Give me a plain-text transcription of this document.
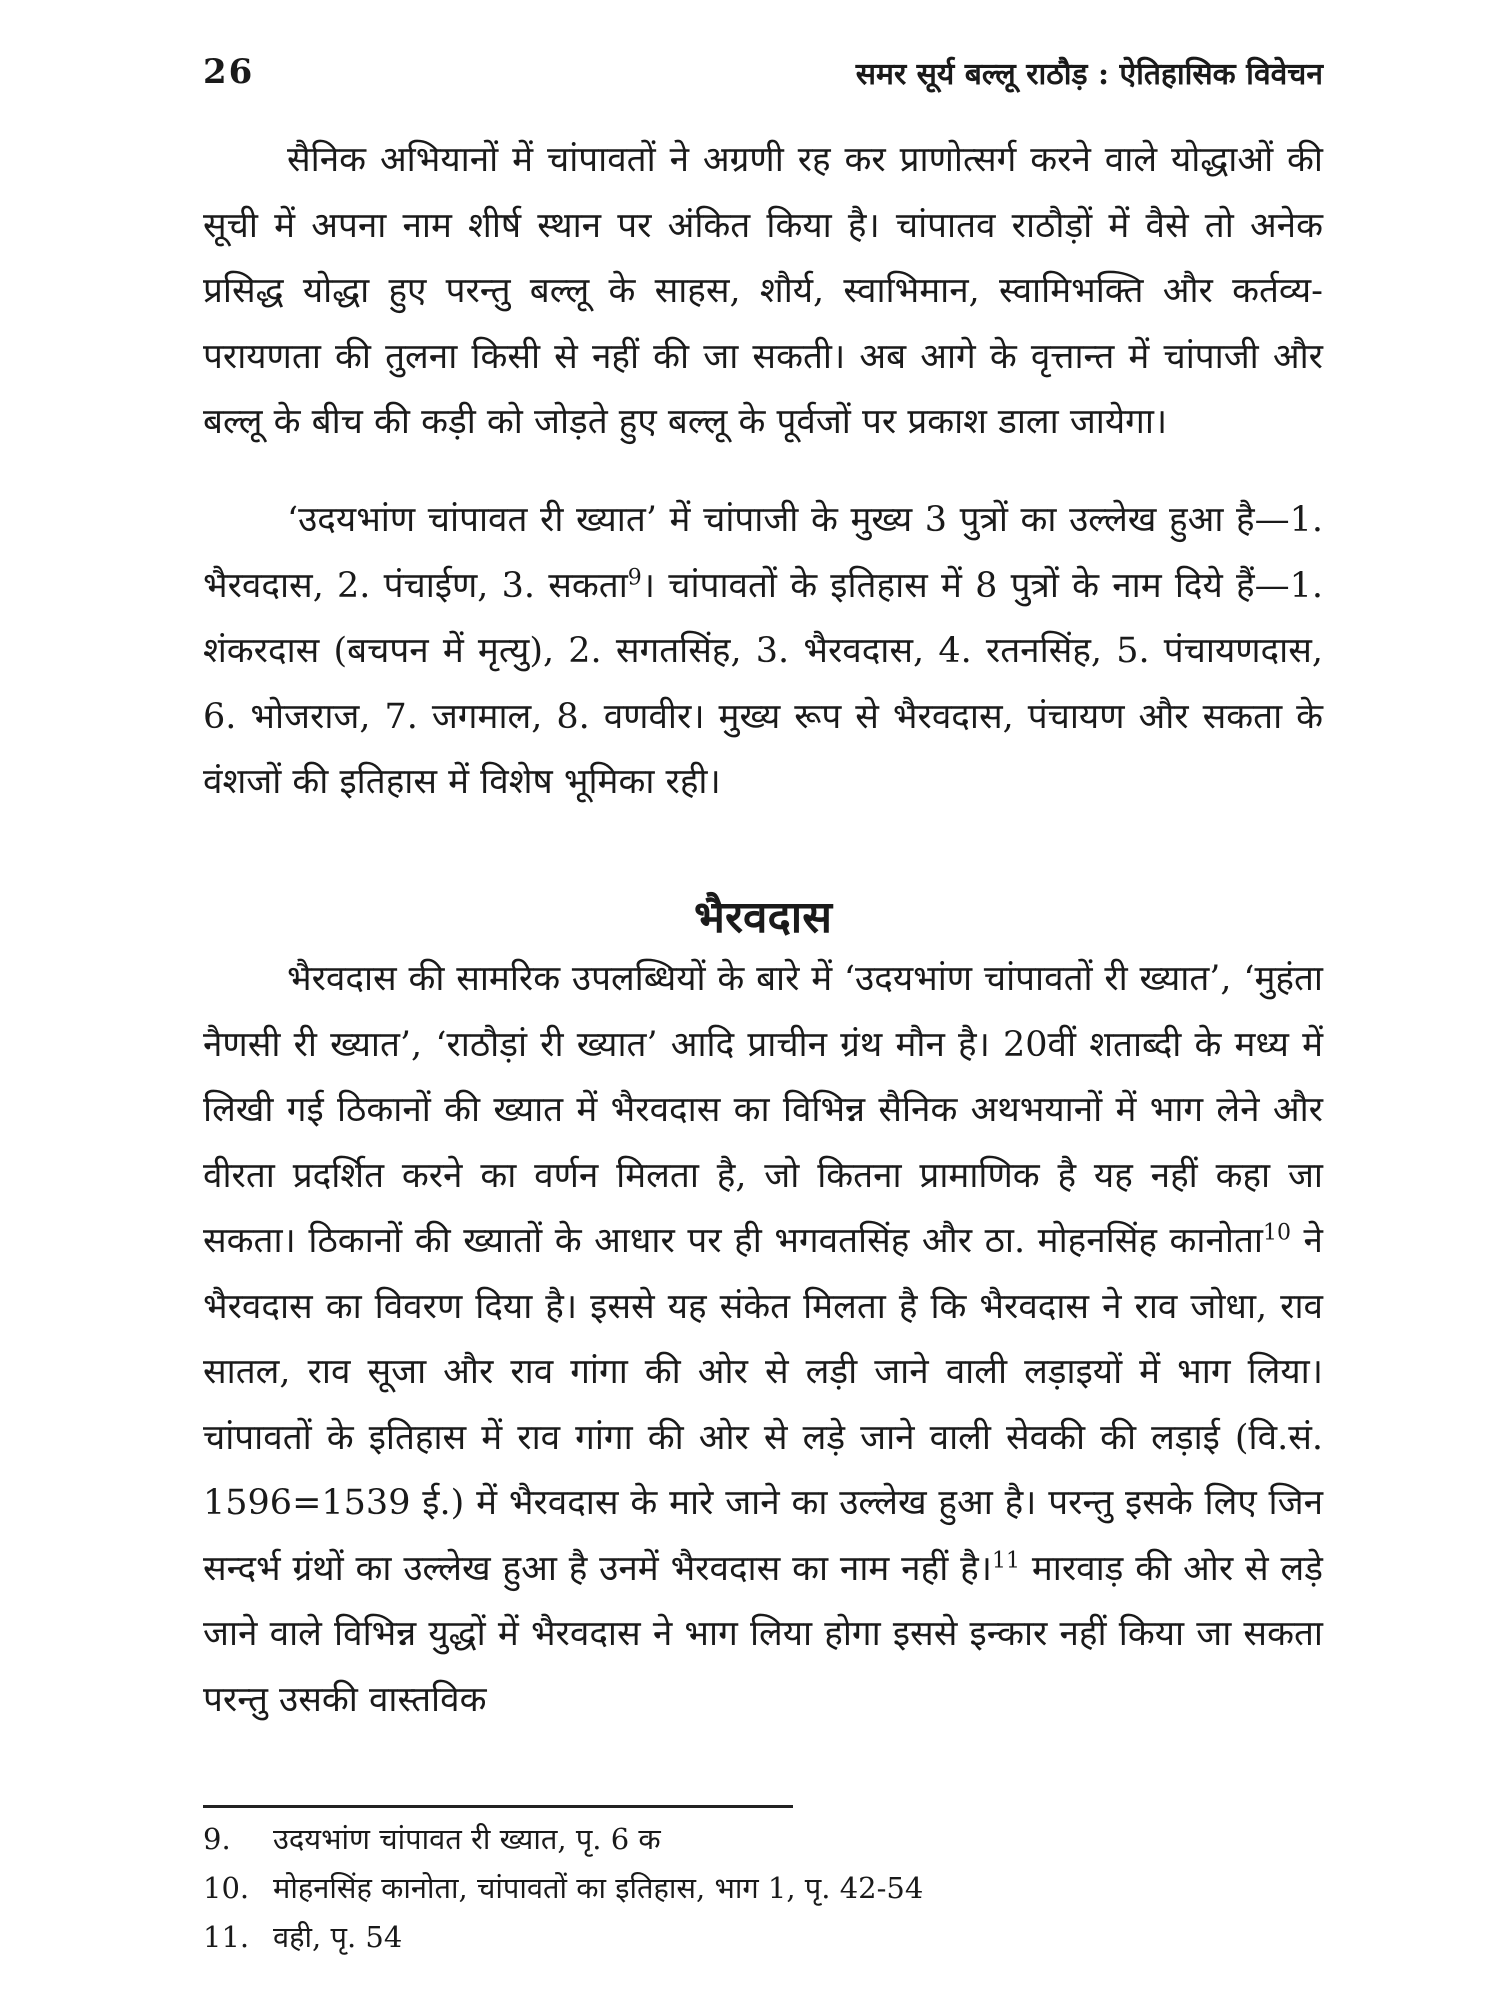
26	समर सूर्य बल्लू राठौड़ : ऐतिहासिक विवेचन

सैनिक अभियानों में चांपावतों ने अग्रणी रह कर प्राणोत्सर्ग करने वाले योद्धाओं की सूची में अपना नाम शीर्ष स्थान पर अंकित किया है। चांपातव राठौड़ों में वैसे तो अनेक प्रसिद्ध योद्धा हुए परन्तु बल्लू के साहस, शौर्य, स्वाभिमान, स्वामिभक्ति और कर्तव्य-परायणता की तुलना किसी से नहीं की जा सकती। अब आगे के वृत्तान्त में चांपाजी और बल्लू के बीच की कड़ी को जोड़ते हुए बल्लू के पूर्वजों पर प्रकाश डाला जायेगा।

‘उदयभांण चांपावत री ख्यात’ में चांपाजी के मुख्य 3 पुत्रों का उल्लेख हुआ है—1. भैरवदास, 2. पंचाईण, 3. सकता$^9$। चांपावतों के इतिहास में 8 पुत्रों के नाम दिये हैं—1. शंकरदास (बचपन में मृत्यु), 2. सगतसिंह, 3. भैरवदास, 4. रतनसिंह, 5. पंचायणदास, 6. भोजराज, 7. जगमाल, 8. वणवीर। मुख्य रूप से भैरवदास, पंचायण और सकता के वंशजों की इतिहास में विशेष भूमिका रही।

भैरवदास

भैरवदास की सामरिक उपलब्धियों के बारे में ‘उदयभांण चांपावतों री ख्यात’, ‘मुहंता नैणसी री ख्यात’, ‘राठौड़ां री ख्यात’ आदि प्राचीन ग्रंथ मौन है। 20वीं शताब्दी के मध्य में लिखी गई ठिकानों की ख्यात में भैरवदास का विभिन्न सैनिक अथभयानों में भाग लेने और वीरता प्रदर्शित करने का वर्णन मिलता है, जो कितना प्रामाणिक है यह नहीं कहा जा सकता। ठिकानों की ख्यातों के आधार पर ही भगवतसिंह और ठा. मोहनसिंह कानोता$^{10}$ ने भैरवदास का विवरण दिया है। इससे यह संकेत मिलता है कि भैरवदास ने राव जोधा, राव सातल, राव सूजा और राव गांगा की ओर से लड़ी जाने वाली लड़ाइयों में भाग लिया। चांपावतों के इतिहास में राव गांगा की ओर से लड़े जाने वाली सेवकी की लड़ाई (वि.सं. 1596=1539 ई.) में भैरवदास के मारे जाने का उल्लेख हुआ है। परन्तु इसके लिए जिन सन्दर्भ ग्रंथों का उल्लेख हुआ है उनमें भैरवदास का नाम नहीं है।$^{11}$ मारवाड़ की ओर से लड़े जाने वाले विभिन्न युद्धों में भैरवदास ने भाग लिया होगा इससे इन्कार नहीं किया जा सकता परन्तु उसकी वास्तविक

9. उदयभांण चांपावत री ख्यात, पृ. 6 क
10. मोहनसिंह कानोता, चांपावतों का इतिहास, भाग 1, पृ. 42-54
11. वही, पृ. 54
